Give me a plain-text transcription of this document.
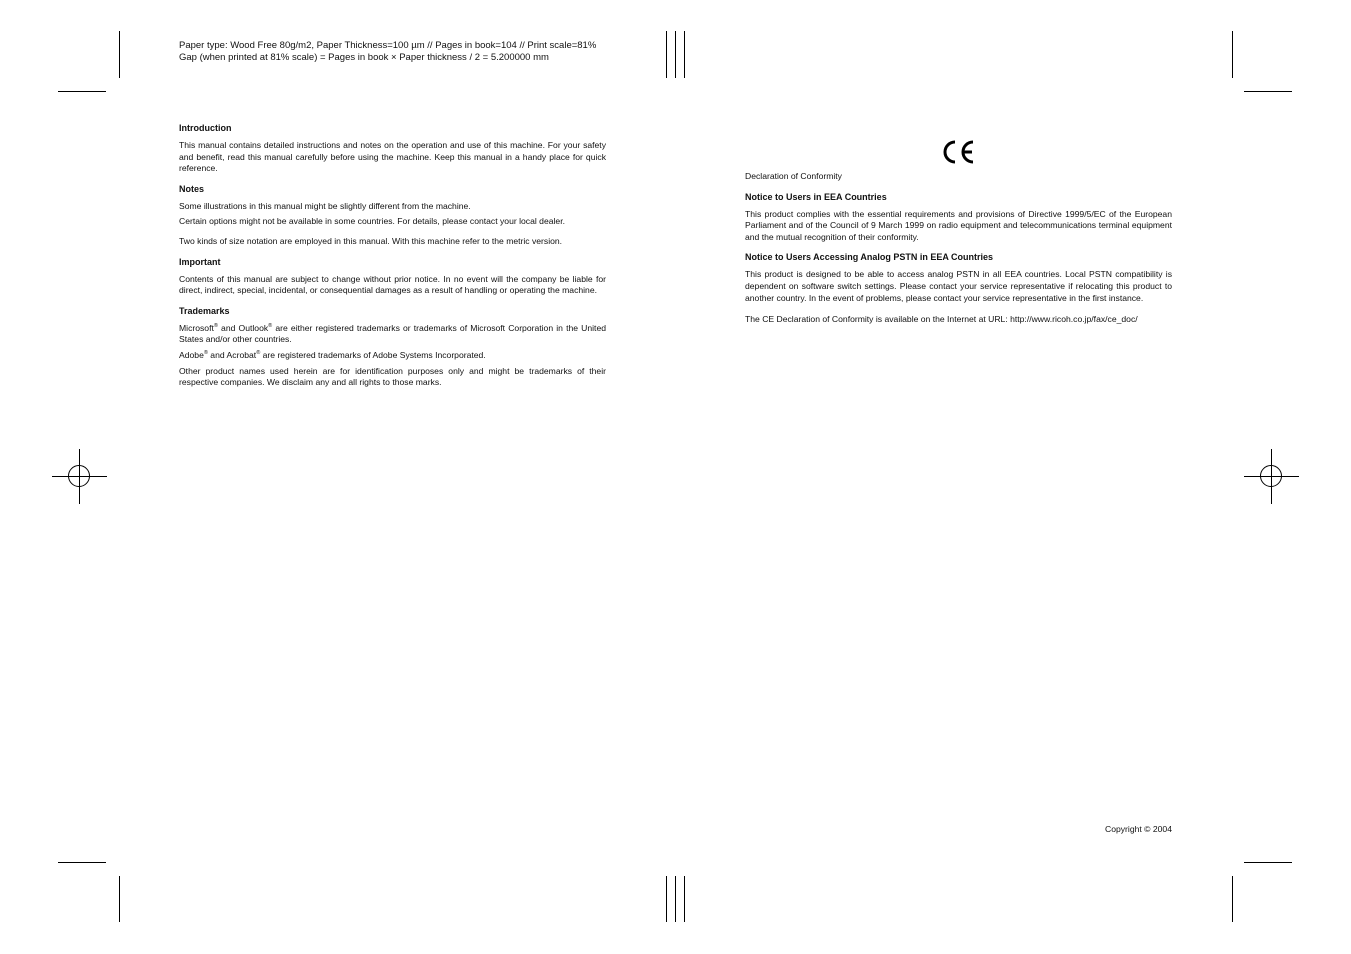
Paper type: Wood Free 80g/m2, Paper Thickness=100 µm // Pages in book=104 // Print scale=81%
Gap (when printed at 81% scale) = Pages in book × Paper thickness / 2 = 5.200000 mm
Introduction

This manual contains detailed instructions and notes on the operation and use of this machine. For your safety and benefit, read this manual carefully before using the machine. Keep this manual in a handy place for quick reference.

Notes

Some illustrations in this manual might be slightly different from the machine.

Certain options might not be available in some countries. For details, please contact your local dealer.

Two kinds of size notation are employed in this manual. With this machine refer to the metric version.

Important

Contents of this manual are subject to change without prior notice. In no event will the company be liable for direct, indirect, special, incidental, or consequential damages as a result of handling or operating the machine.

Trademarks

Microsoft® and Outlook® are either registered trademarks or trademarks of Microsoft Corporation in the United States and/or other countries.

Adobe® and Acrobat® are registered trademarks of Adobe Systems Incorporated.

Other product names used herein are for identification purposes only and might be trademarks of their respective companies. We disclaim any and all rights to those marks.

Declaration of Conformity

Notice to Users in EEA Countries

This product complies with the essential requirements and provisions of Directive 1999/5/EC of the European Parliament and of the Council of 9 March 1999 on radio equipment and telecommunications terminal equipment and the mutual recognition of their conformity.

Notice to Users Accessing Analog PSTN in EEA Countries

This product is designed to be able to access analog PSTN in all EEA countries. Local PSTN compatibility is dependent on software switch settings. Please contact your service representative if relocating this product to another country. In the event of problems, please contact your service representative in the first instance.

The CE Declaration of Conformity is available on the Internet at URL: http://www.ricoh.co.jp/fax/ce_doc/

Copyright © 2004
